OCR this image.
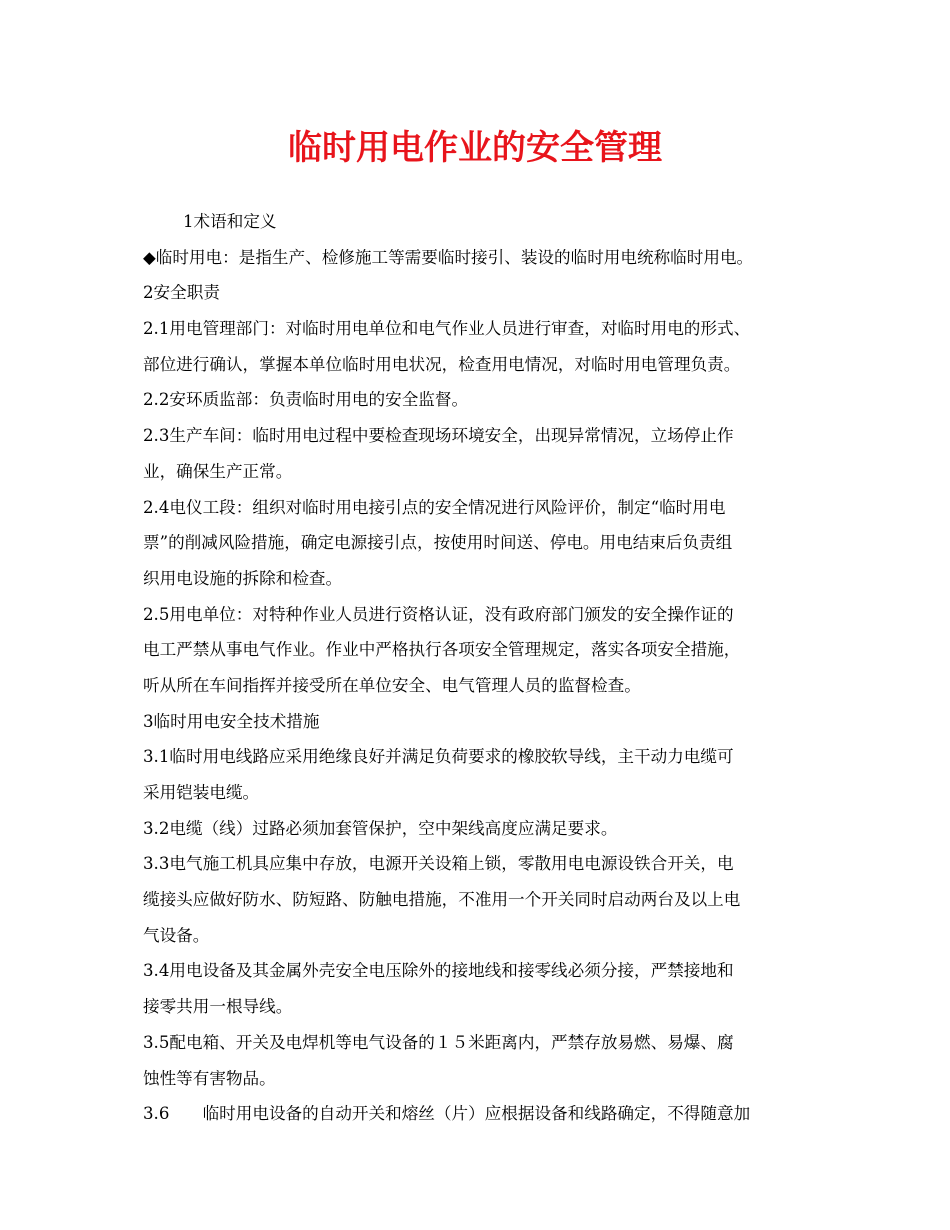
临时用电作业的安全管理
1术语和定义
◆临时用电：是指生产、检修施工等需要临时接引、装设的临时用电统称临时用电。
2安全职责
2.1用电管理部门：对临时用电单位和电气作业人员进行审查，对临时用电的形式、
部位进行确认，掌握本单位临时用电状况，检查用电情况，对临时用电管理负责。
2.2安环质监部：负责临时用电的安全监督。
2.3生产车间：临时用电过程中要检查现场环境安全，出现异常情况，立场停止作
业，确保生产正常。
2.4电仪工段：组织对临时用电接引点的安全情况进行风险评价，制定“临时用电
票”的削减风险措施，确定电源接引点，按使用时间送、停电。用电结束后负责组
织用电设施的拆除和检查。
2.5用电单位：对特种作业人员进行资格认证，没有政府部门颁发的安全操作证的
电工严禁从事电气作业。作业中严格执行各项安全管理规定，落实各项安全措施，
听从所在车间指挥并接受所在单位安全、电气管理人员的监督检查。
3临时用电安全技术措施
3.1临时用电线路应采用绝缘良好并满足负荷要求的橡胶软导线，主干动力电缆可
采用铠装电缆。
3.2电缆（线）过路必须加套管保护，空中架线高度应满足要求。
3.3电气施工机具应集中存放，电源开关设箱上锁，零散用电电源设铁合开关，电
缆接头应做好防水、防短路、防触电措施，不准用一个开关同时启动两台及以上电
气设备。
3.4用电设备及其金属外壳安全电压除外的接地线和接零线必须分接，严禁接地和
接零共用一根导线。
3.5配电箱、开关及电焊机等电气设备的１５米距离内，严禁存放易燃、易爆、腐
蚀性等有害物品。
3.6　　临时用电设备的自动开关和熔丝（片）应根据设备和线路确定，不得随意加
